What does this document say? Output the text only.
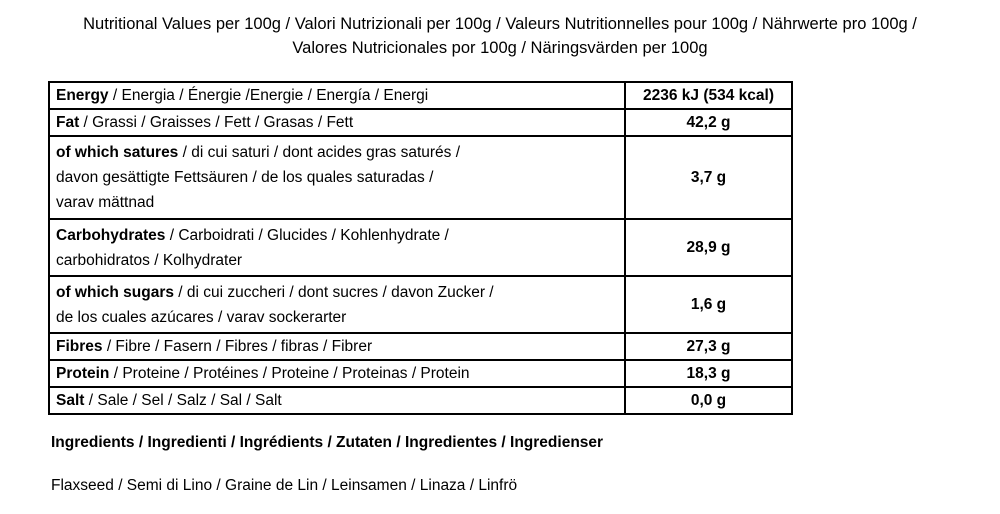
Nutritional Values per 100g / Valori Nutrizionali per 100g / Valeurs Nutritionnelles pour 100g / Nährwerte pro 100g /
Valores Nutricionales por 100g / Näringsvärden per 100g
Energy / Energia / Énergie /Energie / Energía / Energi	2236 kJ (534 kcal)
Fat / Grassi / Graisses / Fett / Grasas / Fett	42,2 g
of which satures / di cui saturi / dont acides gras saturés /
davon gesättigte Fettsäuren / de los quales saturadas /
varav mättnad	3,7 g
Carbohydrates / Carboidrati / Glucides / Kohlenhydrate /
carbohidratos / Kolhydrater	28,9 g
of which sugars / di cui zuccheri / dont sucres / davon Zucker /
de los cuales azúcares / varav sockerarter	1,6 g
Fibres / Fibre / Fasern / Fibres / fibras / Fibrer	27,3 g
Protein / Proteine / Protéines / Proteine / Proteinas / Protein	18,3 g
Salt / Sale / Sel / Salz / Sal / Salt	0,0 g
Ingredients / Ingredienti / Ingrédients / Zutaten / Ingredientes / Ingredienser
Flaxseed / Semi di Lino / Graine de Lin / Leinsamen / Linaza / Linfrö
